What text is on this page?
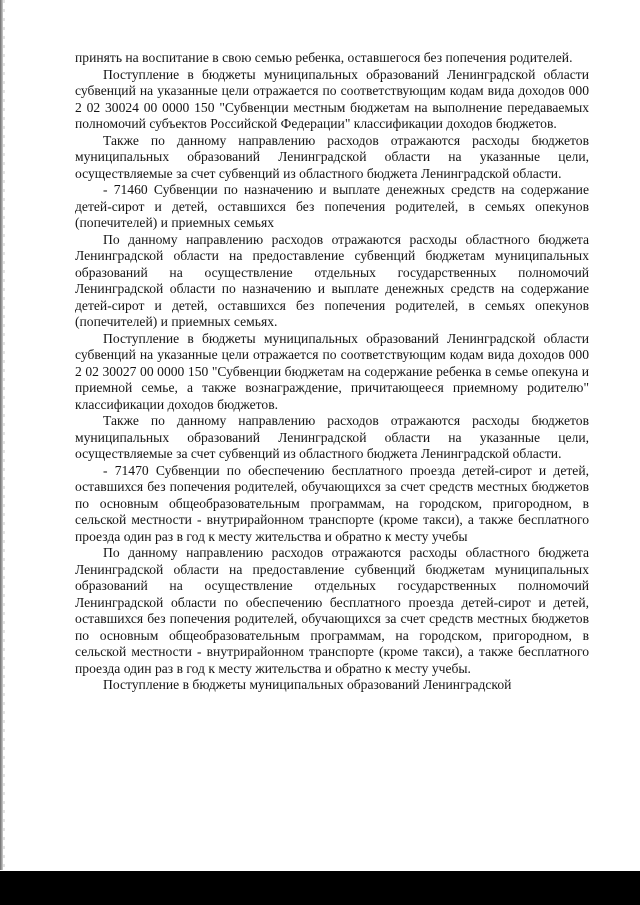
принять на воспитание в свою семью ребенка, оставшегося без попечения родителей.

Поступление в бюджеты муниципальных образований Ленинградской области субвенций на указанные цели отражается по соответствующим кодам вида доходов 000 2 02 30024 00 0000 150 "Субвенции местным бюджетам на выполнение передаваемых полномочий субъектов Российской Федерации" классификации доходов бюджетов.

Также по данному направлению расходов отражаются расходы бюджетов муниципальных образований Ленинградской области на указанные цели, осуществляемые за счет субвенций из областного бюджета Ленинградской области.

- 71460 Субвенции по назначению и выплате денежных средств на содержание детей-сирот и детей, оставшихся без попечения родителей, в семьях опекунов (попечителей) и приемных семьях

По данному направлению расходов отражаются расходы областного бюджета Ленинградской области на предоставление субвенций бюджетам муниципальных образований на осуществление отдельных государственных полномочий Ленинградской области по назначению и выплате денежных средств на содержание детей-сирот и детей, оставшихся без попечения родителей, в семьях опекунов (попечителей) и приемных семьях.

Поступление в бюджеты муниципальных образований Ленинградской области субвенций на указанные цели отражается по соответствующим кодам вида доходов 000 2 02 30027 00 0000 150 "Субвенции бюджетам на содержание ребенка в семье опекуна и приемной семье, а также вознаграждение, причитающееся приемному родителю" классификации доходов бюджетов.

Также по данному направлению расходов отражаются расходы бюджетов муниципальных образований Ленинградской области на указанные цели, осуществляемые за счет субвенций из областного бюджета Ленинградской области.

- 71470 Субвенции по обеспечению бесплатного проезда детей-сирот и детей, оставшихся без попечения родителей, обучающихся за счет средств местных бюджетов по основным общеобразовательным программам, на городском, пригородном, в сельской местности - внутрирайонном транспорте (кроме такси), а также бесплатного проезда один раз в год к месту жительства и обратно к месту учебы

По данному направлению расходов отражаются расходы областного бюджета Ленинградской области на предоставление субвенций бюджетам муниципальных образований на осуществление отдельных государственных полномочий Ленинградской области по обеспечению бесплатного проезда детей-сирот и детей, оставшихся без попечения родителей, обучающихся за счет средств местных бюджетов по основным общеобразовательным программам, на городском, пригородном, в сельской местности - внутрирайонном транспорте (кроме такси), а также бесплатного проезда один раз в год к месту жительства и обратно к месту учебы.

Поступление в бюджеты муниципальных образований Ленинградской
